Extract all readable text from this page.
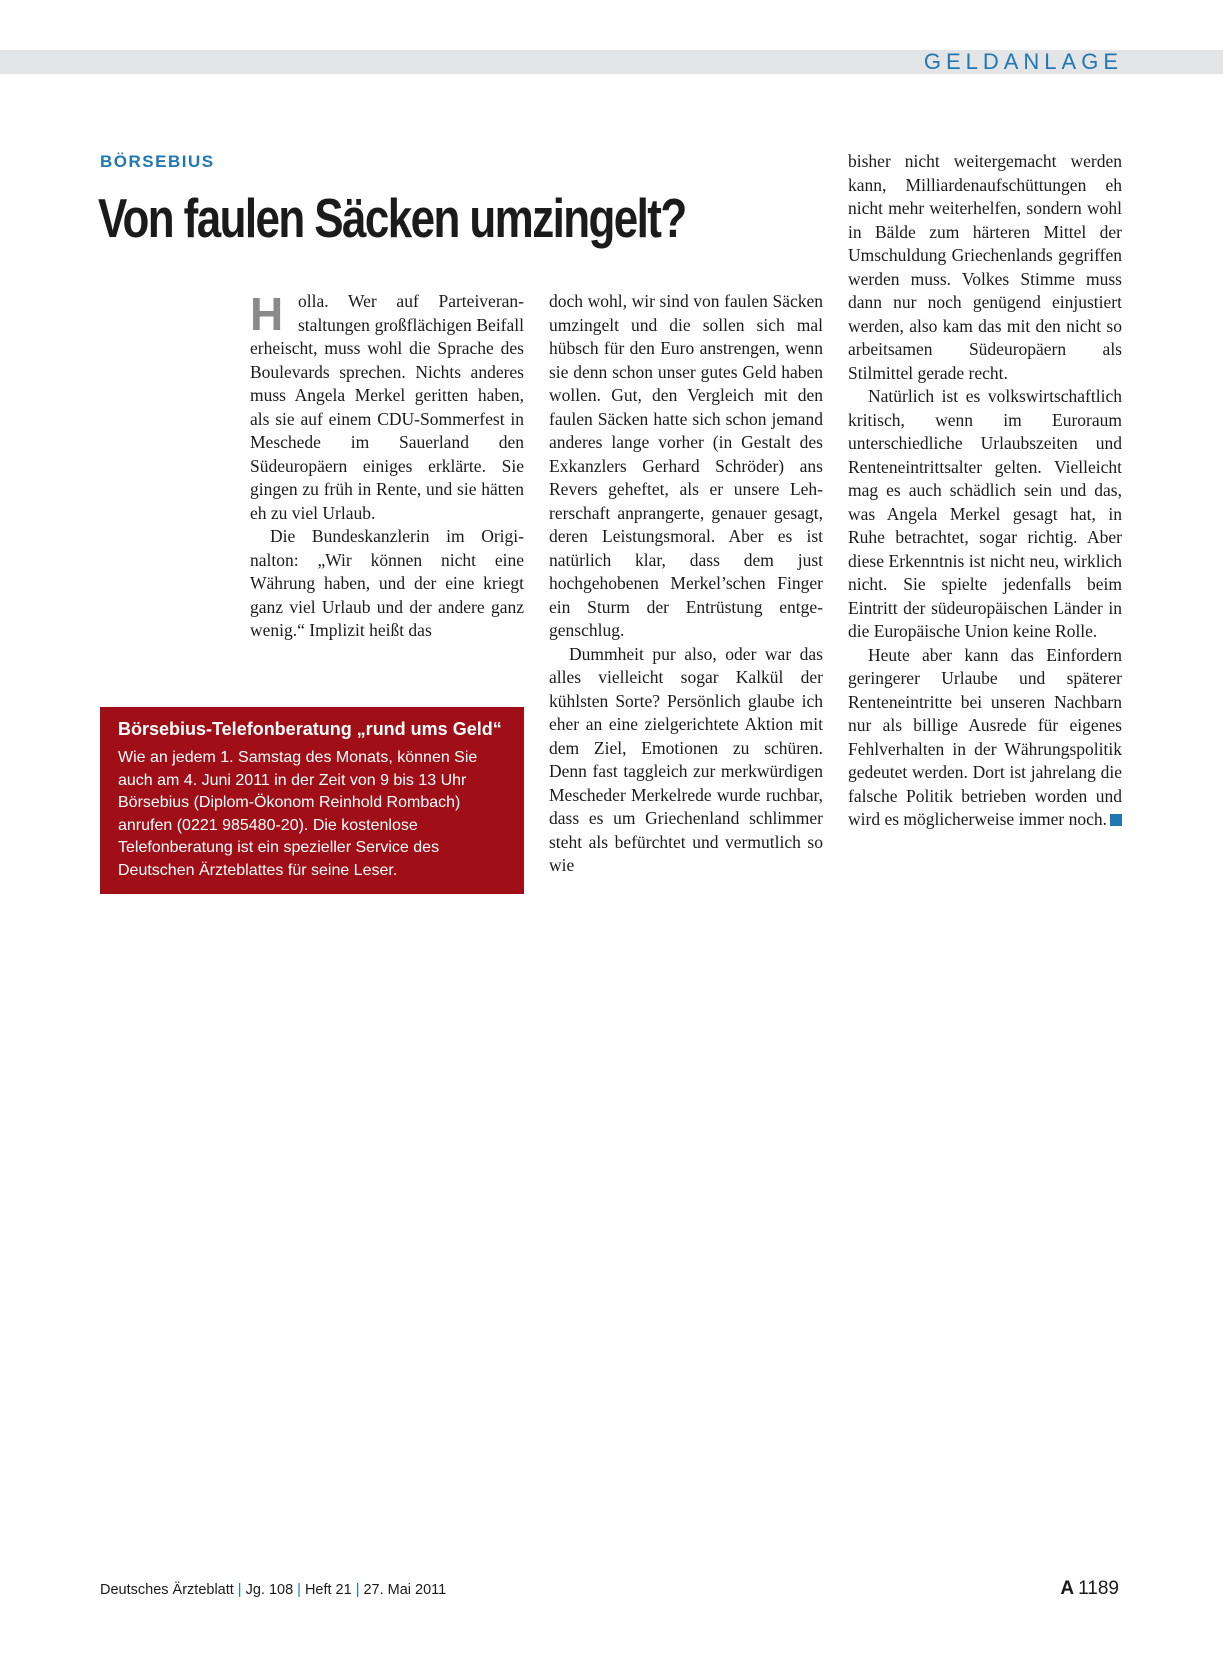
GELDANLAGE
BÖRSEBIUS
Von faulen Säcken umzingelt?

Holla. Wer auf Parteiveranstaltungen großflächigen Beifall erheischt, muss wohl die Sprache des Boulevards sprechen. Nichts anderes muss Angela Merkel geritten haben, als sie auf einem CDU-Sommerfest in Meschede im Sauerland den Südeuropäern einiges erklärte. Sie gingen zu früh in Rente, und sie hätten eh zu viel Urlaub.

Die Bundeskanzlerin im Originalton: „Wir können nicht eine Währung haben, und der eine kriegt ganz viel Urlaub und der andere ganz wenig.“ Implizit heißt das

Börsebius-Telefonberatung „rund ums Geld“
Wie an jedem 1. Samstag des Monats, können Sie auch am 4. Juni 2011 in der Zeit von 9 bis 13 Uhr Börsebius (Diplom-Ökonom Reinhold Rombach) anrufen (0221 985480-20). Die kostenlose Telefonberatung ist ein spezieller Service des Deutschen Ärzteblattes für seine Leser.

doch wohl, wir sind von faulen Säcken umzingelt und die sollen sich mal hübsch für den Euro anstrengen, wenn sie denn schon unser gutes Geld haben wollen. Gut, den Vergleich mit den faulen Säcken hatte sich schon jemand anderes lange vorher (in Gestalt des Exkanzlers Gerhard Schröder) ans Revers geheftet, als er unsere Lehrerschaft anprangerte, genauer gesagt, deren Leistungsmoral. Aber es ist natürlich klar, dass dem just hochgehobenen Merkel’schen Finger ein Sturm der Entrüstung entgegenschlug.

Dummheit pur also, oder war das alles vielleicht sogar Kalkül der kühlsten Sorte? Persönlich glaube ich eher an eine zielgerichtete Aktion mit dem Ziel, Emotionen zu schüren. Denn fast taggleich zur merkwürdigen Mescheder Merkelrede wurde ruchbar, dass es um Griechenland schlimmer steht als befürchtet und vermutlich so wie

bisher nicht weitergemacht werden kann, Milliardenaufschüttungen eh nicht mehr weiterhelfen, sondern wohl in Bälde zum härteren Mittel der Umschuldung Griechenlands gegriffen werden muss. Volkes Stimme muss dann nur noch genügend einjustiert werden, also kam das mit den nicht so arbeitsamen Südeuropäern als Stilmittel gerade recht.

Natürlich ist es volkswirtschaftlich kritisch, wenn im Euroraum unterschiedliche Urlaubszeiten und Renteneintrittsalter gelten. Vielleicht mag es auch schädlich sein und das, was Angela Merkel gesagt hat, in Ruhe betrachtet, sogar richtig. Aber diese Erkenntnis ist nicht neu, wirklich nicht. Sie spielte jedenfalls beim Eintritt der südeuropäischen Länder in die Europäische Union keine Rolle.

Heute aber kann das Einfordern geringerer Urlaube und späterer Renteneintritte bei unseren Nachbarn nur als billige Ausrede für eigenes Fehlverhalten in der Währungspolitik gedeutet werden. Dort ist jahrelang die falsche Politik betrieben worden und wird es möglicherweise immer noch.

Deutsches Ärzteblatt | Jg. 108 | Heft 21 | 27. Mai 2011	A 1189
